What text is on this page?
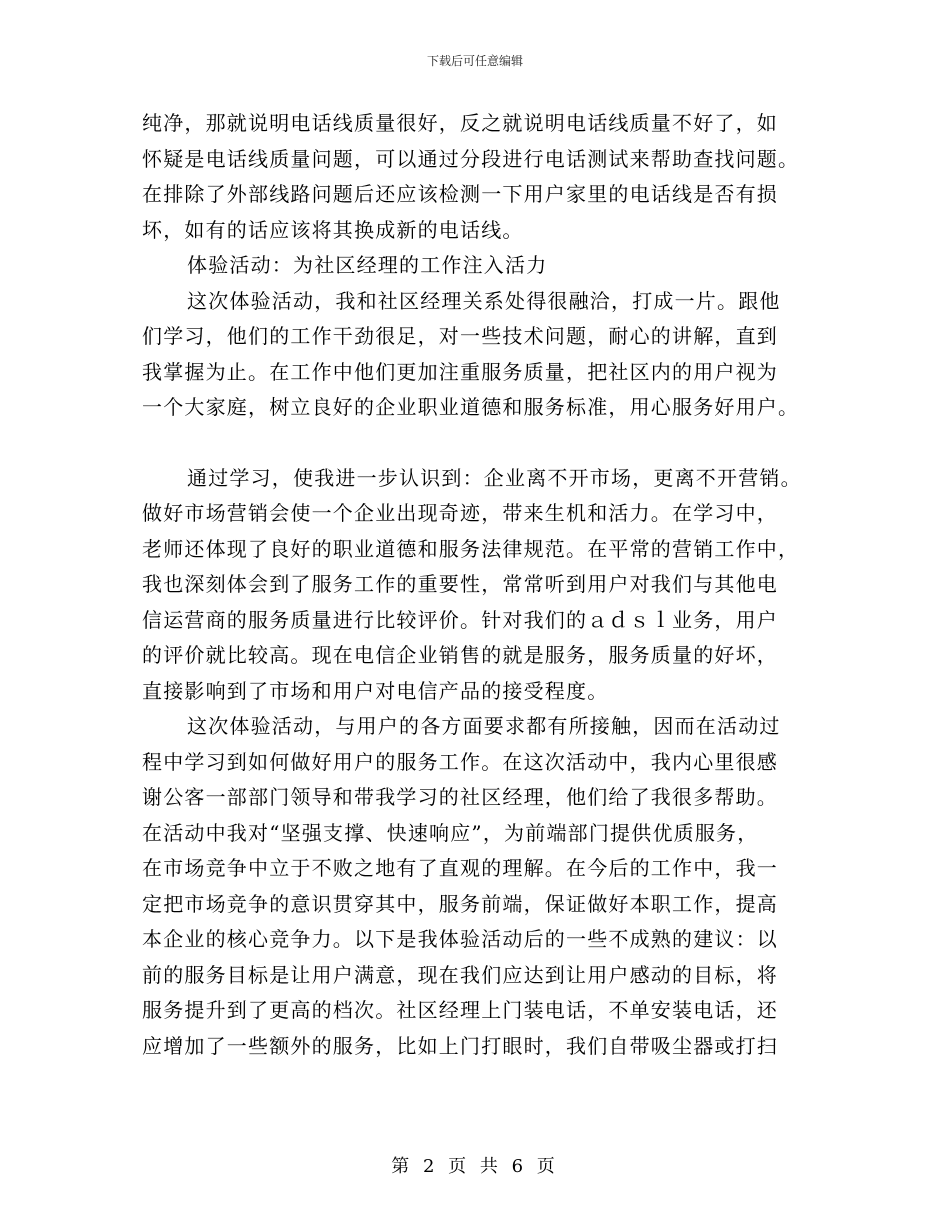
下载后可任意编辑
纯净，那就说明电话线质量很好，反之就说明电话线质量不好了，如
怀疑是电话线质量问题，可以通过分段进行电话测试来帮助查找问题。
在排除了外部线路问题后还应该检测一下用户家里的电话线是否有损
坏，如有的话应该将其换成新的电话线。
体验活动：为社区经理的工作注入活力
这次体验活动，我和社区经理关系处得很融洽，打成一片。跟他
们学习，他们的工作干劲很足，对一些技术问题，耐心的讲解，直到
我掌握为止。在工作中他们更加注重服务质量，把社区内的用户视为
一个大家庭，树立良好的企业职业道德和服务标准，用心服务好用户。
通过学习，使我进一步认识到：企业离不开市场，更离不开营销。
做好市场营销会使一个企业出现奇迹，带来生机和活力。在学习中，
老师还体现了良好的职业道德和服务法律规范。在平常的营销工作中，
我也深刻体会到了服务工作的重要性，常常听到用户对我们与其他电
信运营商的服务质量进行比较评价。针对我们的ａｄｓｌ业务，用户
的评价就比较高。现在电信企业销售的就是服务，服务质量的好坏，
直接影响到了市场和用户对电信产品的接受程度。
这次体验活动，与用户的各方面要求都有所接触，因而在活动过
程中学习到如何做好用户的服务工作。在这次活动中，我内心里很感
谢公客一部部门领导和带我学习的社区经理，他们给了我很多帮助。
在活动中我对“坚强支撑、快速响应”，为前端部门提供优质服务，
在市场竞争中立于不败之地有了直观的理解。在今后的工作中，我一
定把市场竞争的意识贯穿其中，服务前端，保证做好本职工作，提高
本企业的核心竞争力。以下是我体验活动后的一些不成熟的建议：以
前的服务目标是让用户满意，现在我们应达到让用户感动的目标，将
服务提升到了更高的档次。社区经理上门装电话，不单安装电话，还
应增加了一些额外的服务，比如上门打眼时，我们自带吸尘器或打扫
第 2 页 共 6 页
